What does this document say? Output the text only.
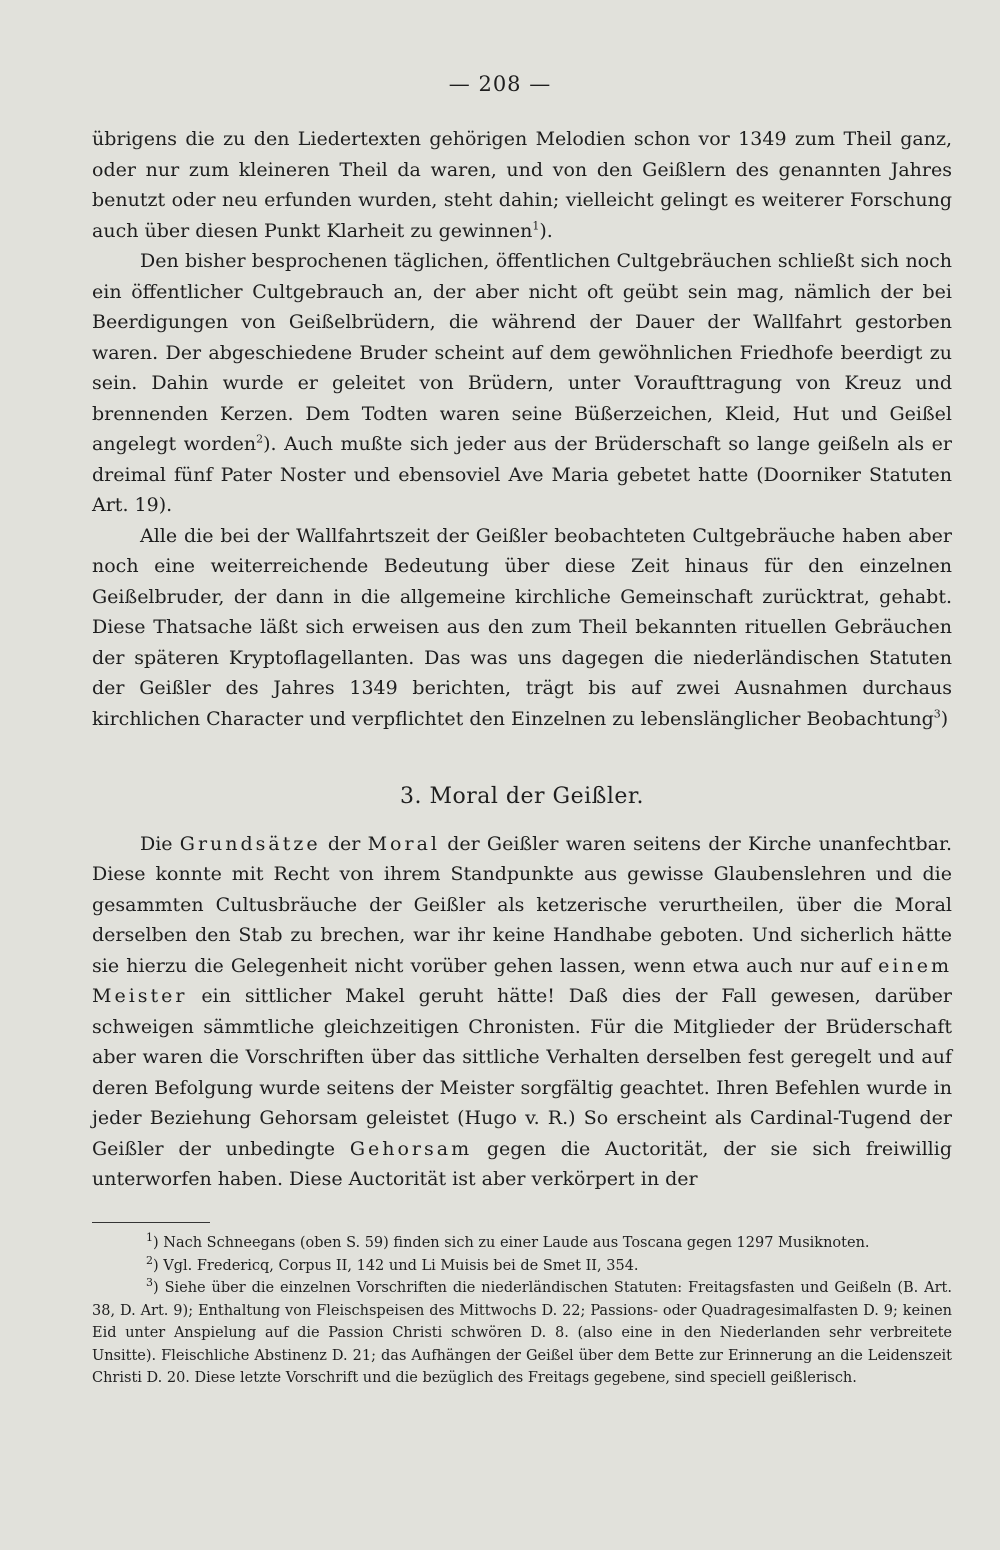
— 208 —

übrigens die zu den Liedertexten gehörigen Melodien schon vor 1349 zum Theil ganz, oder nur zum kleineren Theil da waren, und von den Geißlern des genannten Jahres benutzt oder neu erfunden wurden, steht dahin; vielleicht gelingt es weiterer Forschung auch über diesen Punkt Klarheit zu gewinnen$^1$).

Den bisher besprochenen täglichen, öffentlichen Cultgebräuchen schließt sich noch ein öffentlicher Cultgebrauch an, der aber nicht oft geübt sein mag, nämlich der bei Beerdigungen von Geißelbrüdern, die während der Dauer der Wallfahrt gestorben waren. Der abgeschiedene Bruder scheint auf dem gewöhnlichen Friedhofe beerdigt zu sein. Dahin wurde er geleitet von Brüdern, unter Voraufttragung von Kreuz und brennenden Kerzen. Dem Todten waren seine Büßerzeichen, Kleid, Hut und Geißel angelegt worden$^2$). Auch mußte sich jeder aus der Brüderschaft so lange geißeln als er dreimal fünf Pater Noster und ebensoviel Ave Maria gebetet hatte (Doorniker Statuten Art. 19).

Alle die bei der Wallfahrtszeit der Geißler beobachteten Cultgebräuche haben aber noch eine weiterreichende Bedeutung über diese Zeit hinaus für den einzelnen Geißelbruder, der dann in die allgemeine kirchliche Gemeinschaft zurücktrat, gehabt. Diese Thatsache läßt sich erweisen aus den zum Theil bekannten rituellen Gebräuchen der späteren Kryptoflagellanten. Das was uns dagegen die niederländischen Statuten der Geißler des Jahres 1349 berichten, trägt bis auf zwei Ausnahmen durchaus kirchlichen Character und verpflichtet den Einzelnen zu lebenslänglicher Beobachtung$^3$)

3. Moral der Geißler.

Die Grundsätze der Moral der Geißler waren seitens der Kirche unanfechtbar. Diese konnte mit Recht von ihrem Standpunkte aus gewisse Glaubenslehren und die gesammten Cultusbräuche der Geißler als ketzerische verurtheilen, über die Moral derselben den Stab zu brechen, war ihr keine Handhabe geboten. Und sicherlich hätte sie hierzu die Gelegenheit nicht vorüber gehen lassen, wenn etwa auch nur auf einem Meister ein sittlicher Makel geruht hätte! Daß dies der Fall gewesen, darüber schweigen sämmtliche gleichzeitigen Chronisten. Für die Mitglieder der Brüderschaft aber waren die Vorschriften über das sittliche Verhalten derselben fest geregelt und auf deren Befolgung wurde seitens der Meister sorgfältig geachtet. Ihren Befehlen wurde in jeder Beziehung Gehorsam geleistet (Hugo v. R.) So erscheint als Cardinal-Tugend der Geißler der unbedingte Gehorsam gegen die Auctorität, der sie sich freiwillig unterworfen haben. Diese Auctorität ist aber verkörpert in der

$^1$) Nach Schneegans (oben S. 59) finden sich zu einer Laude aus Toscana gegen 1297 Musiknoten.

$^2$) Vgl. Fredericq, Corpus II, 142 und Li Muisis bei de Smet II, 354.

$^3$) Siehe über die einzelnen Vorschriften die niederländischen Statuten: Freitagsfasten und Geißeln (B. Art. 38, D. Art. 9); Enthaltung von Fleischspeisen des Mittwochs D. 22; Passions- oder Quadragesimalfasten D. 9; keinen Eid unter Anspielung auf die Passion Christi schwören D. 8. (also eine in den Niederlanden sehr verbreitete Unsitte). Fleischliche Abstinenz D. 21; das Aufhängen der Geißel über dem Bette zur Erinnerung an die Leidenszeit Christi D. 20. Diese letzte Vorschrift und die bezüglich des Freitags gegebene, sind speciell geißlerisch.
